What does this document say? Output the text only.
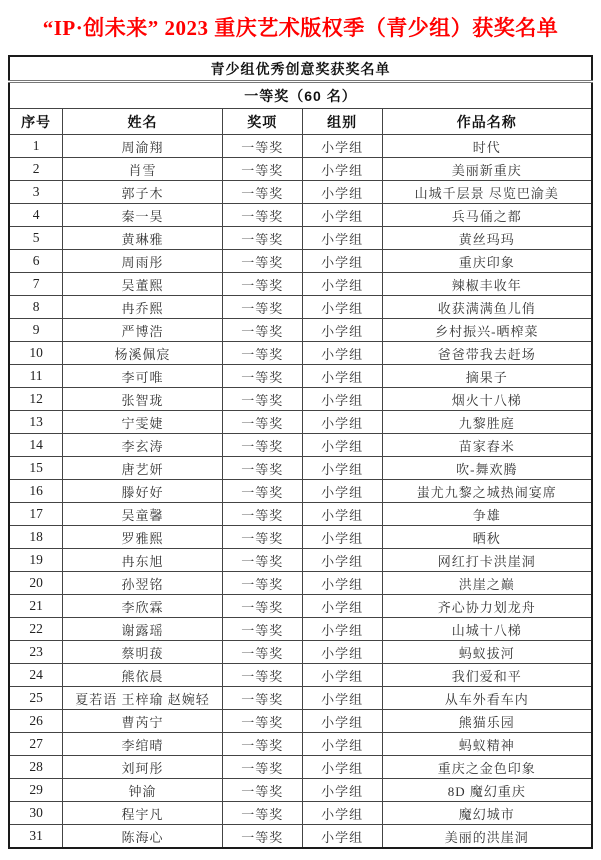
“IP·创未来” 2023 重庆艺术版权季（青少组）获奖名单
青少组优秀创意奖获奖名单				
一等奖（60 名）				
序号	姓名	奖项	组别	作品名称
1	周渝翔	一等奖	小学组	时代
2	肖雪	一等奖	小学组	美丽新重庆
3	郭子木	一等奖	小学组	山城千层景 尽览巴渝美
4	秦一昊	一等奖	小学组	兵马俑之都
5	黄琳雅	一等奖	小学组	黄丝玛玛
6	周雨彤	一等奖	小学组	重庆印象
7	吴董熙	一等奖	小学组	辣椒丰收年
8	冉乔熙	一等奖	小学组	收获满满鱼儿俏
9	严博浩	一等奖	小学组	乡村振兴-晒榨菜
10	杨溪佩宸	一等奖	小学组	爸爸带我去赶场
11	李可唯	一等奖	小学组	摘果子
12	张智珑	一等奖	小学组	烟火十八梯
13	宁雯婕	一等奖	小学组	九黎胜庭
14	李玄涛	一等奖	小学组	苗家舂米
15	唐艺妍	一等奖	小学组	吹-舞欢腾
16	滕好好	一等奖	小学组	蚩尤九黎之城热闹宴席
17	吴童馨	一等奖	小学组	争雄
18	罗雅熙	一等奖	小学组	晒秋
19	冉东旭	一等奖	小学组	网红打卡洪崖洞
20	孙翌铭	一等奖	小学组	洪崖之巅
21	李欣霖	一等奖	小学组	齐心协力划龙舟
22	谢露瑶	一等奖	小学组	山城十八梯
23	蔡明菝	一等奖	小学组	蚂蚁拔河
24	熊依晨	一等奖	小学组	我们爱和平
25	夏若语 王梓瑜 赵婉轻	一等奖	小学组	从车外看车内
26	曹芮宁	一等奖	小学组	熊猫乐园
27	李绾晴	一等奖	小学组	蚂蚁精神
28	刘珂彤	一等奖	小学组	重庆之金色印象
29	钟渝	一等奖	小学组	8D 魔幻重庆
30	程宇凡	一等奖	小学组	魔幻城市
31	陈海心	一等奖	小学组	美丽的洪崖洞
